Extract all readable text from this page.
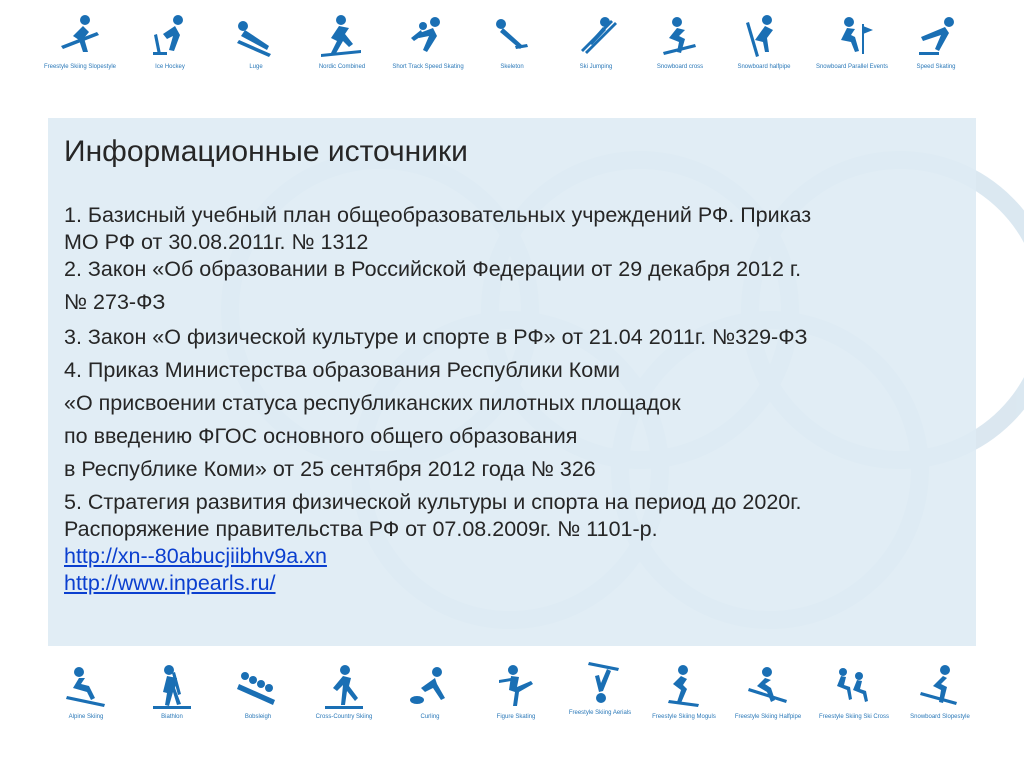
Freestyle Skiing Slopestyle	Ice Hockey	Luge	Nordic Combined	Short Track Speed Skating	Skeleton	Ski Jumping	Snowboard cross	Snowboard halfpipe	Snowboard Parallel Events	Speed Skating
Информационные источники
1. Базисный учебный план общеобразовательных учреждений РФ. Приказ
МО РФ от 30.08.2011г. № 1312
2. Закон «Об образовании в Российской Федерации от 29 декабря 2012 г.
№ 273-ФЗ
3. Закон «О физической культуре и спорте в РФ» от 21.04 2011г. №329-ФЗ
4. Приказ Министерства образования Республики Коми
«О присвоении статуса республиканских пилотных площадок
по введению ФГОС основного общего образования
в Республике Коми» от 25 сентября 2012 года № 326
5. Стратегия развития физической культуры и спорта на период до 2020г.
Распоряжение правительства РФ от 07.08.2009г. № 1101-р.
http://xn--80abucjiibhv9a.xn
http://www.inpearls.ru/
Alpine Skiing	Biathlon	Bobsleigh	Cross-Country Skiing	Curling	Figure Skating
Freestyle Skiing Aerials
Freestyle Skiing Moguls	Freestyle Skiing Halfpipe	Freestyle Skiing Ski Cross	Snowboard Slopestyle
